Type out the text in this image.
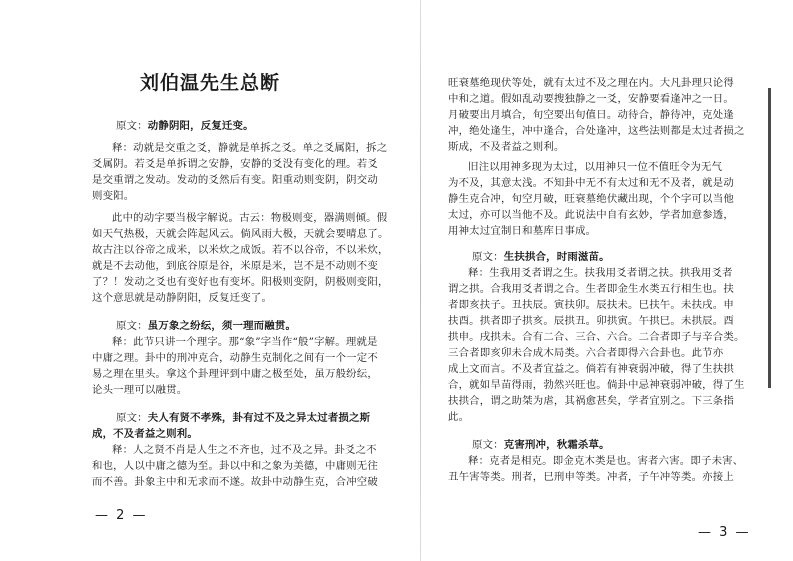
刘伯温先生总断
原文：动静阴阳，反复迁变。
释：动就是交重之爻，静就是单拆之爻。单之爻属阳，拆之
爻属阴。若爻是单拆谓之安静，安静的爻没有变化的理。若爻
是交重谓之发动。发动的爻然后有变。阳重动则变阴，阴交动
则变阳。
此中的动字要当极字解说。古云：物极则变，器满则倾。假
如天气热极，天就会阵起风云。倘风雨大极，天就会要晴息了。
故古注以谷帝之成米，以米炊之成饭。若不以谷帝，不以米炊，
就是不去动他，到底谷原是谷，米原是米，岂不是不动则不变
了？！发动之爻也有变好也有变坏。阳极则变阴，阴极则变阳，
这个意思就是动静阴阳，反复迁变了。
原文：虽万象之纷纭，须一理而融贯。
释：此节只讲一个理字。那“象”字当作“般”字解。理就是
中庸之理。卦中的刑冲克合，动静生克制化之间有一个一定不
易之理在里头。拿这个卦理评到中庸之极至处，虽万般纷纭，
论头一理可以融贯。
原文：夫人有贤不孝殊，卦有过不及之异太过者损之斯
成，不及者益之则利。
释：人之贤不肖是人生之不齐也，过不及之异。卦爻之不
和也，人以中庸之德为至。卦以中和之象为美德，中庸则无往
而不善。卦象主中和无求而不遂。故卦中动静生克，合冲空破
— 2 —
旺衰墓绝现伏等处，就有太过不及之理在内。大凡卦理只论得
中和之道。假如乱动要搜独静之一爻，安静要看逢冲之一日。
月破要出月填合，旬空要出旬值日。动待合，静待冲，克处逢
冲，绝处逢生，冲中逢合，合处逢冲，这些法则都是太过者损之
斯成，不及者益之则利。
旧注以用神多现为太过，以用神只一位不值旺令为无气
为不及，其意太浅。不知卦中无不有太过和无不及者，就是动
静生克合冲，旬空月破，旺衰墓绝伏藏出现，个个字可以当他
太过，亦可以当他不及。此说法中自有玄妙，学者加意参透，
用神太过宜制日和墓库日事成。
原文：生扶拱合，时雨滋苗。
释：生我用爻者谓之生。扶我用爻者谓之扶。拱我用爻者
谓之拱。合我用爻者谓之合。生者即金生水类五行相生也。扶
者即亥扶子。丑扶辰。寅扶卯。辰扶未。巳扶午。未扶戌。申
扶酉。拱者即子拱亥。辰拱丑。卯拱寅。午拱巳。未拱辰。酉
拱申。戌拱未。合有二合、三合、六合。二合者即子与辛合类。
三合者即亥卯未合成木局类。六合者即得六合卦也。此节亦
成上文而言。不及者宜益之。倘若有神衰弱冲破，得了生扶拱
合，就如旱苗得雨，勃然兴旺也。倘卦中忌神衰弱冲破，得了生
扶拱合，谓之助桀为虐，其祸愈甚矣，学者宜别之。下三条指
此。
原文：克害刑冲，秋霜杀草。
释：克者是相克。即金克木类是也。害者六害。即子未害、
丑午害等类。刑者，巳刑申等类。冲者，子午冲等类。亦接上
— 3 —
